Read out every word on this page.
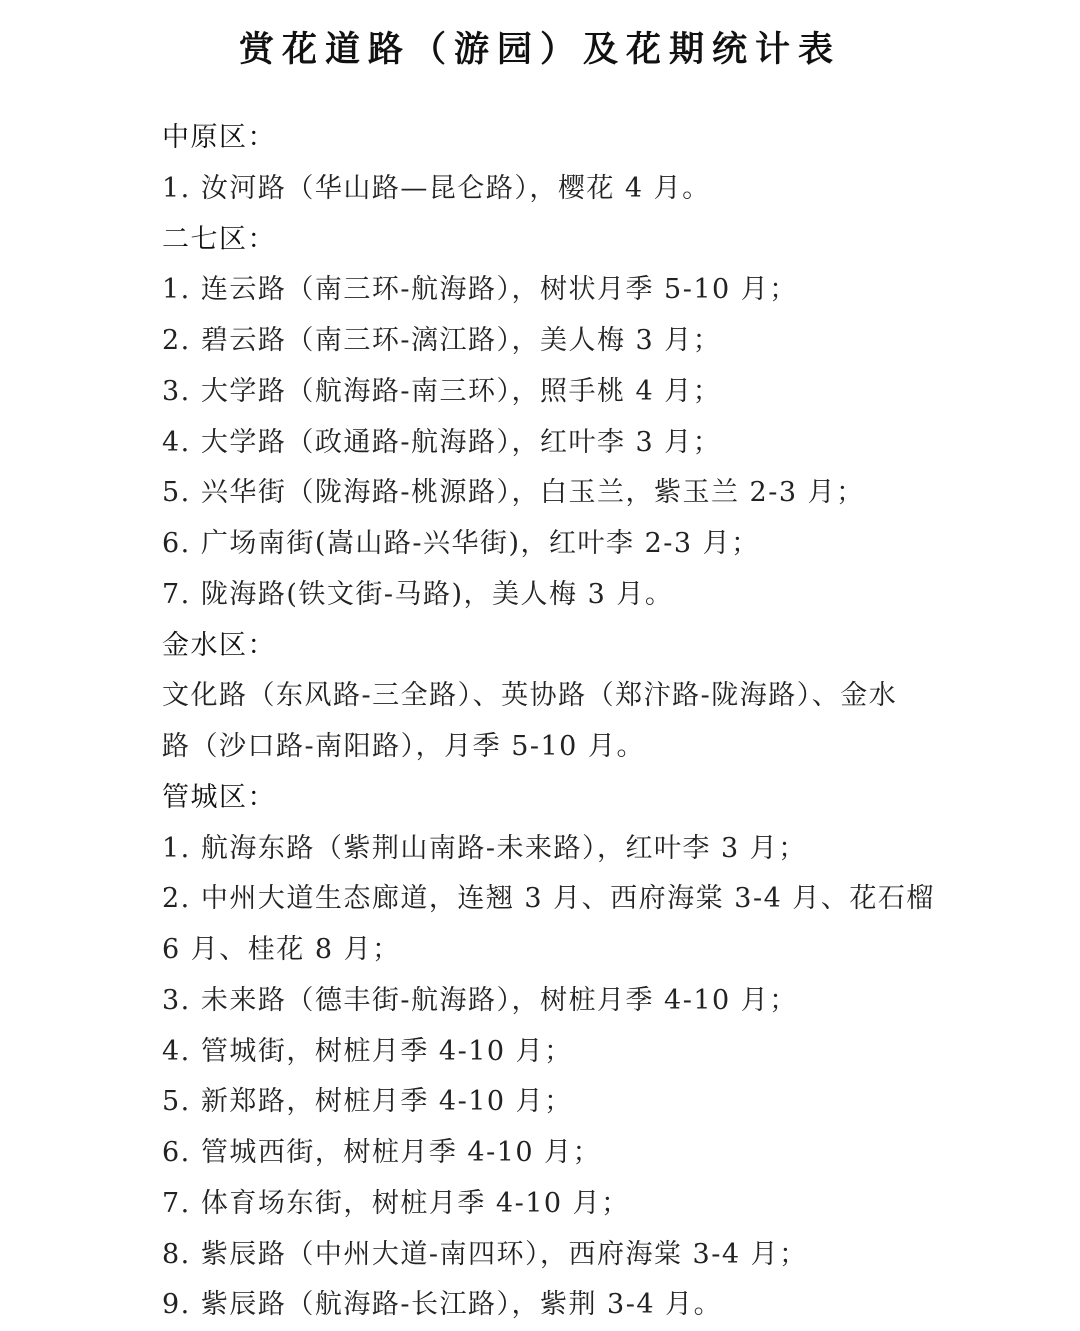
赏花道路（游园）及花期统计表
中原区：
1. 汝河路（华山路—昆仑路），樱花 4 月。
二七区：
1. 连云路（南三环-航海路），树状月季 5-10 月；
2. 碧云路（南三环-漓江路），美人梅 3 月；
3. 大学路（航海路-南三环），照手桃 4 月；
4. 大学路（政通路-航海路），红叶李 3 月；
5. 兴华街（陇海路-桃源路），白玉兰，紫玉兰 2-3 月；
6. 广场南街(嵩山路-兴华街)，红叶李 2-3 月；
7. 陇海路(铁文街-马路)，美人梅 3 月。
金水区：
文化路（东风路-三全路）、英协路（郑汴路-陇海路）、金水
路（沙口路-南阳路），月季 5-10 月。
管城区：
1. 航海东路（紫荆山南路-未来路），红叶李 3 月；
2. 中州大道生态廊道，连翘 3 月、西府海棠 3-4 月、花石榴
6 月、桂花 8 月；
3. 未来路（德丰街-航海路），树桩月季 4-10 月；
4. 管城街，树桩月季 4-10 月；
5. 新郑路，树桩月季 4-10 月；
6. 管城西街，树桩月季 4-10 月；
7. 体育场东街，树桩月季 4-10 月；
8. 紫辰路（中州大道-南四环），西府海棠 3-4 月；
9. 紫辰路（航海路-长江路），紫荆 3-4 月。
